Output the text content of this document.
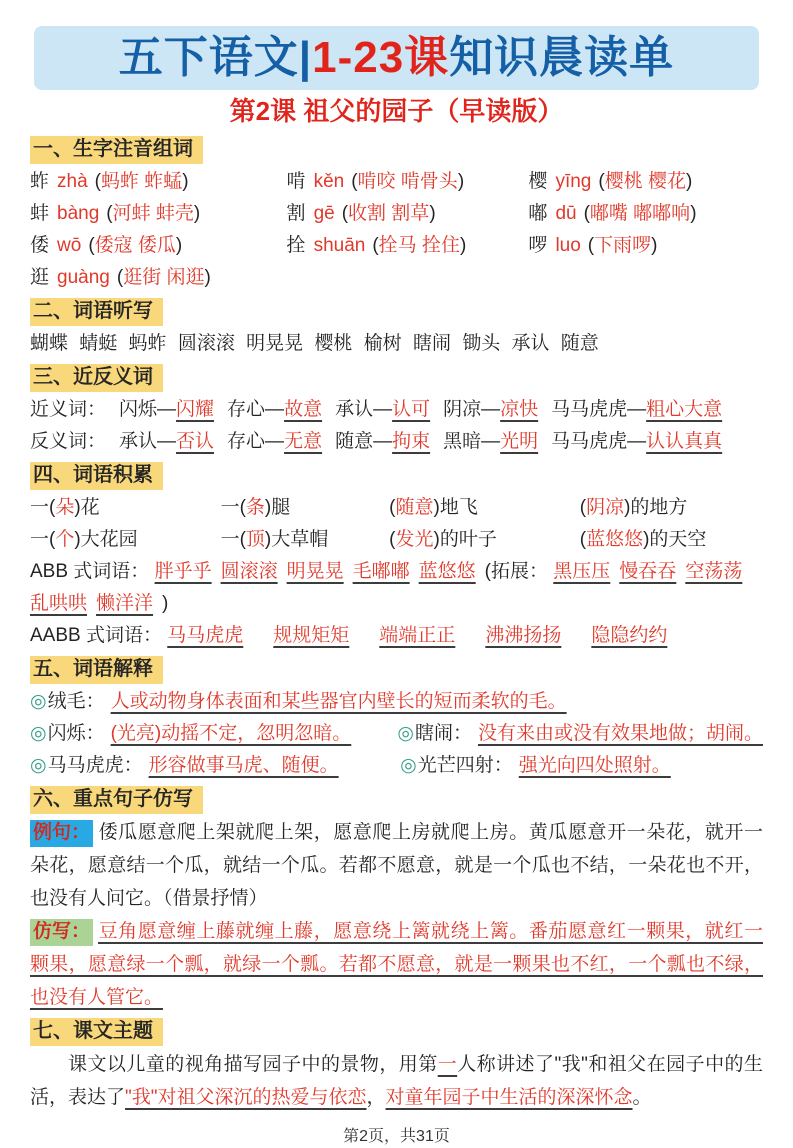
五下语文|1-23课知识晨读单
第2课 祖父的园子（早读版）
一、生字注音组词
蚱 zhà (蚂蚱 蚱蜢)	啃 kěn (啃咬 啃骨头)	樱 yīng (樱桃 樱花)
蚌 bàng (河蚌 蚌壳)	割 gē (收割 割草)	嘟 dū (嘟嘴 嘟嘟响)
倭 wō (倭寇 倭瓜)	拴 shuān (拴马 拴住)	啰 luo (下雨啰)
逛 guàng (逛街 闲逛)
二、词语听写
蝴蝶 蜻蜓 蚂蚱 圆滚滚 明晃晃 樱桃 榆树 瞎闹 锄头 承认 随意
三、近反义词
近义词： 闪烁—闪耀 存心—故意 承认—认可 阴凉—凉快 马马虎虎—粗心大意
反义词： 承认—否认 存心—无意 随意—拘束 黑暗—光明 马马虎虎—认认真真
四、词语积累
一(朵)花	一(条)腿	(随意)地飞	(阴凉)的地方
一(个)大花园	一(顶)大草帽	(发光)的叶子	(蓝悠悠)的天空
ABB 式词语： 胖乎乎 圆滚滚 明晃晃 毛嘟嘟 蓝悠悠 (拓展： 黑压压 慢吞吞 空荡荡乱哄哄 懒洋洋 )
AABB 式词语： 马马虎虎 规规矩矩 端端正正 沸沸扬扬 隐隐约约
五、词语解释
◎绒毛： 人或动物身体表面和某些器官内壁长的短而柔软的毛。
◎闪烁： (光亮)动摇不定，忽明忽暗。	◎瞎闹： 没有来由或没有效果地做；胡闹。
◎马马虎虎： 形容做事马虎、随便。	◎光芒四射： 强光向四处照射。
六、重点句子仿写

例句： 倭瓜愿意爬上架就爬上架，愿意爬上房就爬上房。黄瓜愿意开一朵花，就开一朵花，愿意结一个瓜，就结一个瓜。若都不愿意，就是一个瓜也不结，一朵花也不开，也没有人问它。（借景抒情）

仿写： 豆角愿意缠上藤就缠上藤，愿意绕上篱就绕上篱。番茄愿意红一颗果，就红一颗果，愿意绿一个瓢，就绿一个瓢。若都不愿意，就是一颗果也不红，一个瓢也不绿，也没有人管它。

七、课文主题

课文以儿童的视角描写园子中的景物，用第一人称讲述了"我"和祖父在园子中的生活，表达了"我"对祖父深沉的热爱与依恋，对童年园子中生活的深深怀念。

第2页，共31页
